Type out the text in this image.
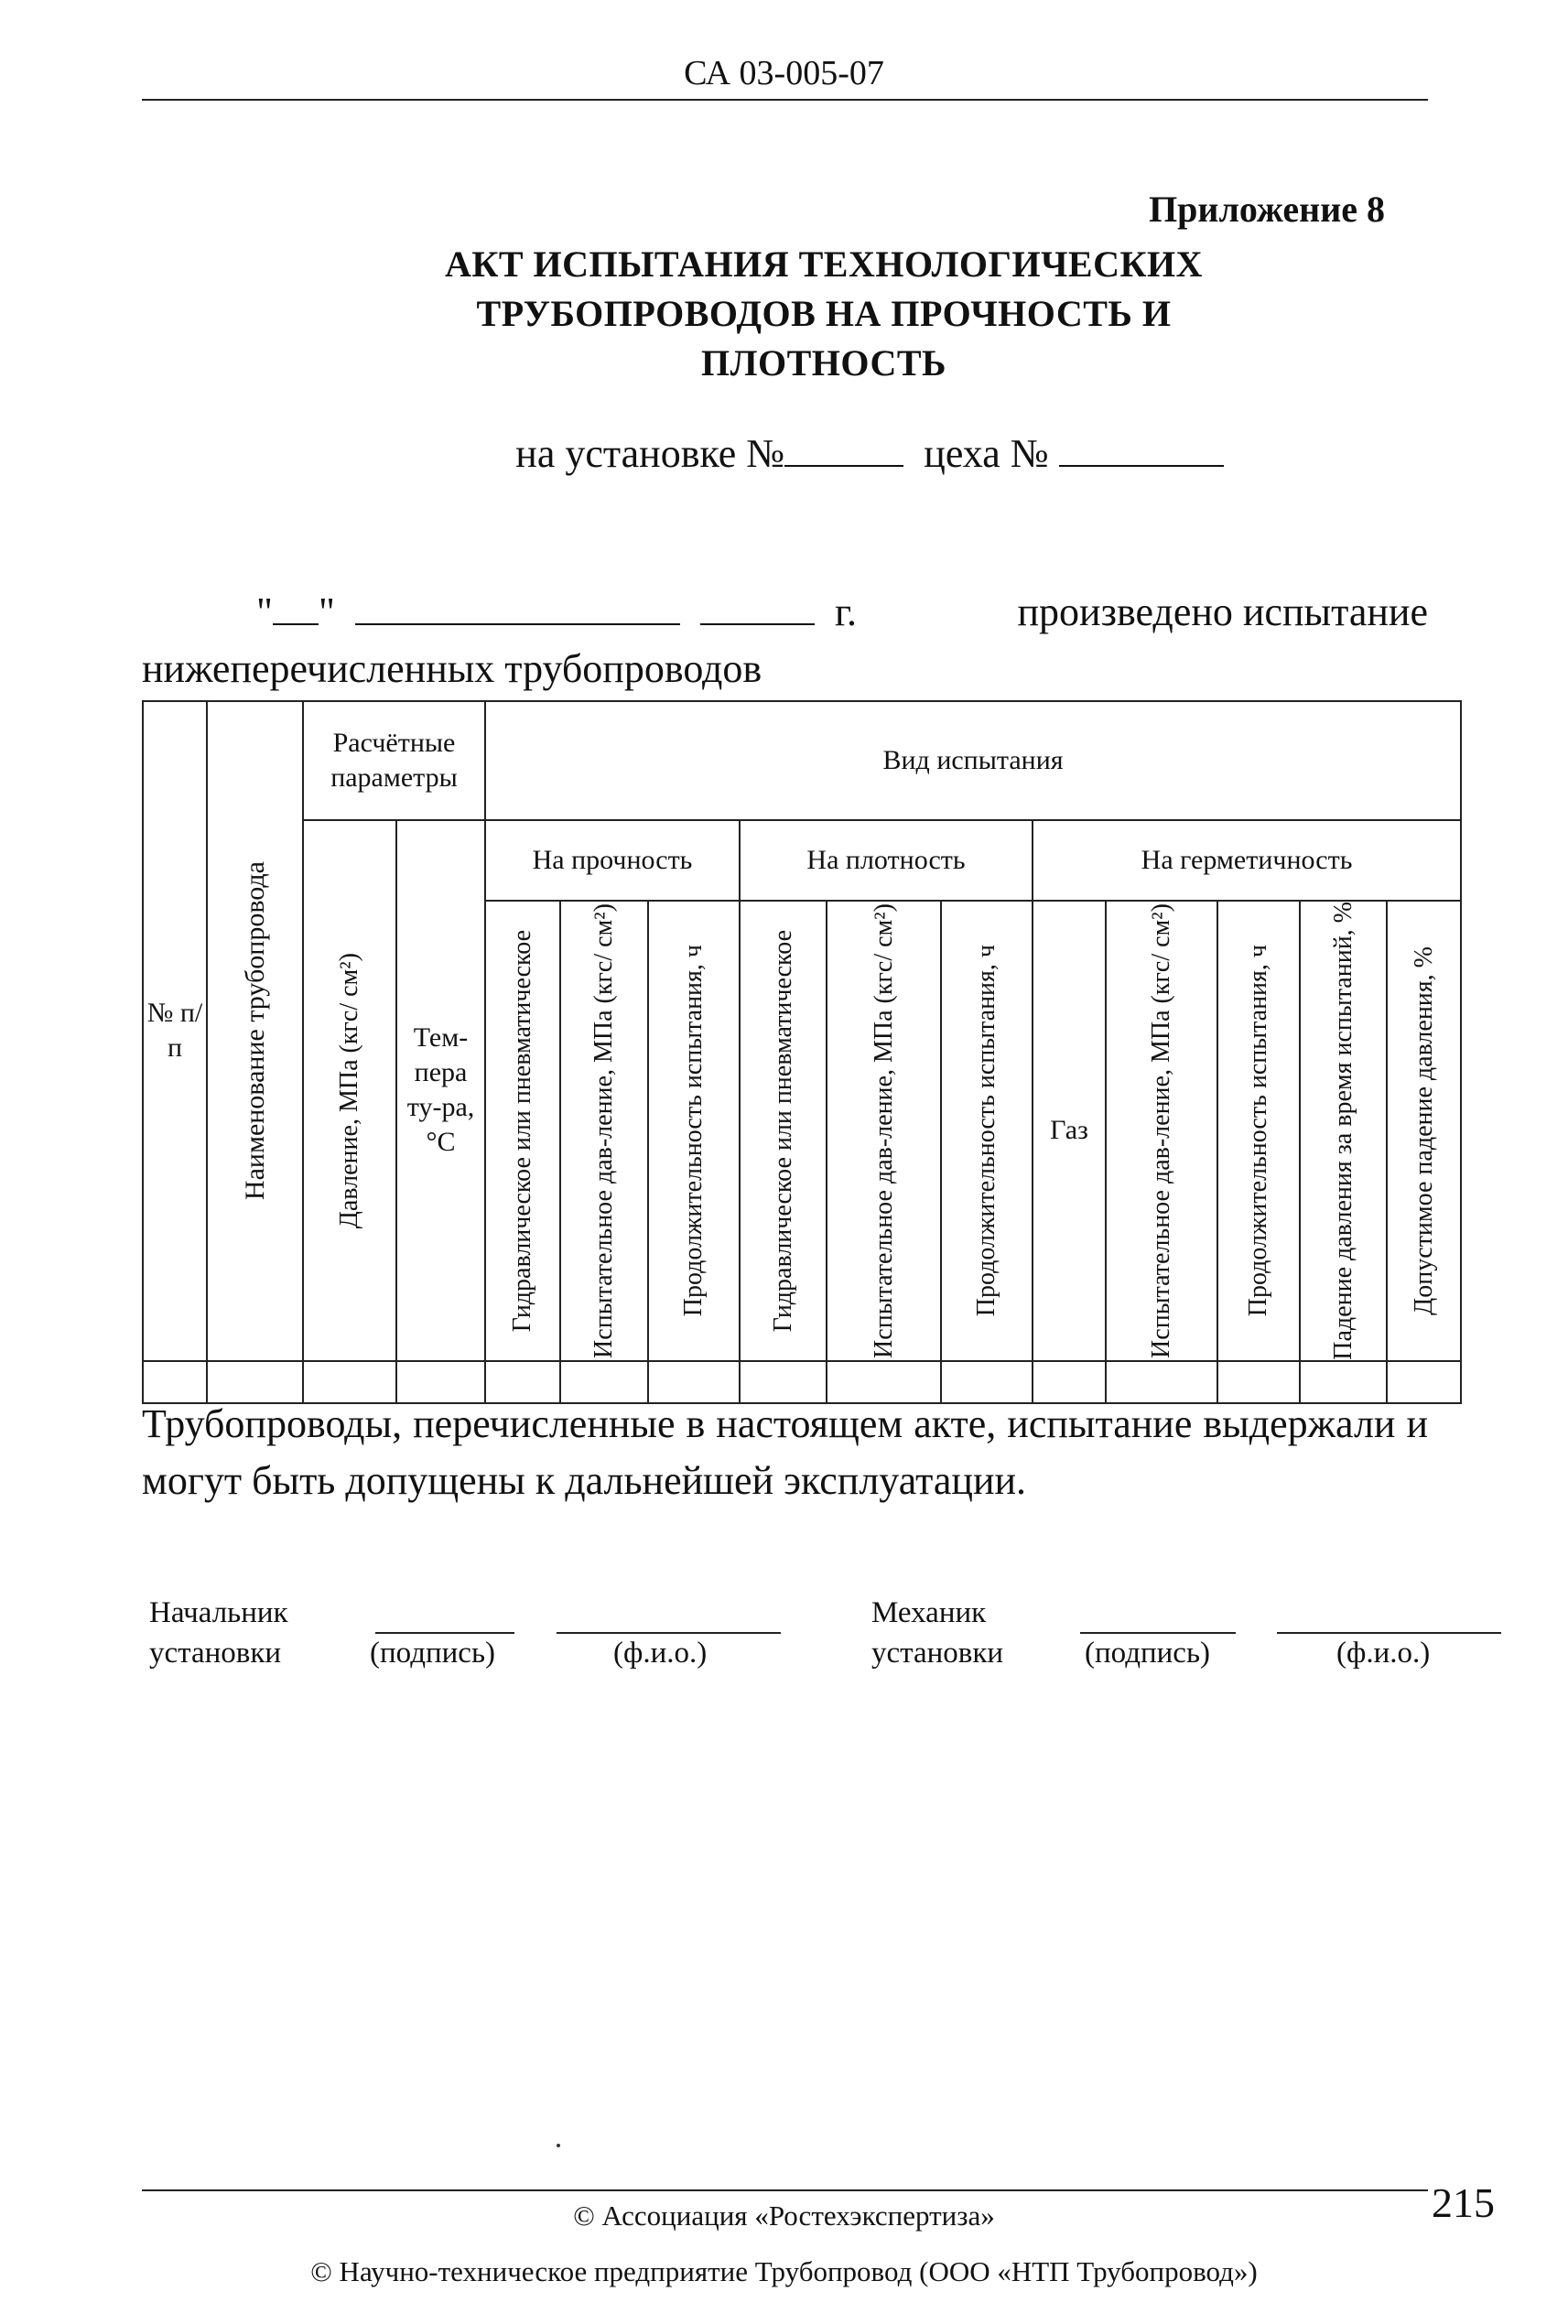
СА 03-005-07
Приложение 8
АКТ ИСПЫТАНИЯ ТЕХНОЛОГИЧЕСКИХ
ТРУБОПРОВОДОВ НА ПРОЧНОСТЬ И
ПЛОТНОСТЬ
на установке №	цеха №
" "	г.	произведено испытание
нижеперечисленных трубопроводов
№ п/п	Наименование трубопровода	Расчётные параметры		Вид испытания										

		Давление, МПа (кгс/ см²)	Тем-пера ту-ра, °С	На прочность			На плотность			На герметичность				

				Гидравлическое или пневматическое	Испытательное дав-ление, МПа (кгс/ см²)	Продолжительность испытания, ч	Гидравлическое или пневматическое	Испытательное дав-ление, МПа (кгс/ см²)	Продолжительность испытания, ч	Газ	Испытательное дав-ление, МПа (кгс/ см²)	Продолжительность испытания, ч	Падение давления за время испытаний, %	Допустимое падение давления, %

Трубопроводы, перечисленные в настоящем акте, испытание выдержали и могут быть допущены к дальнейшей эксплуатации.
Начальник
установки	(подпись)	(ф.и.о.)
Механик
установки	(подпись)	(ф.и.о.)
© Ассоциация «Ростехэкспертиза»
© Научно-техническое предприятие Трубопровод (ООО «НТП Трубопровод»)
215
